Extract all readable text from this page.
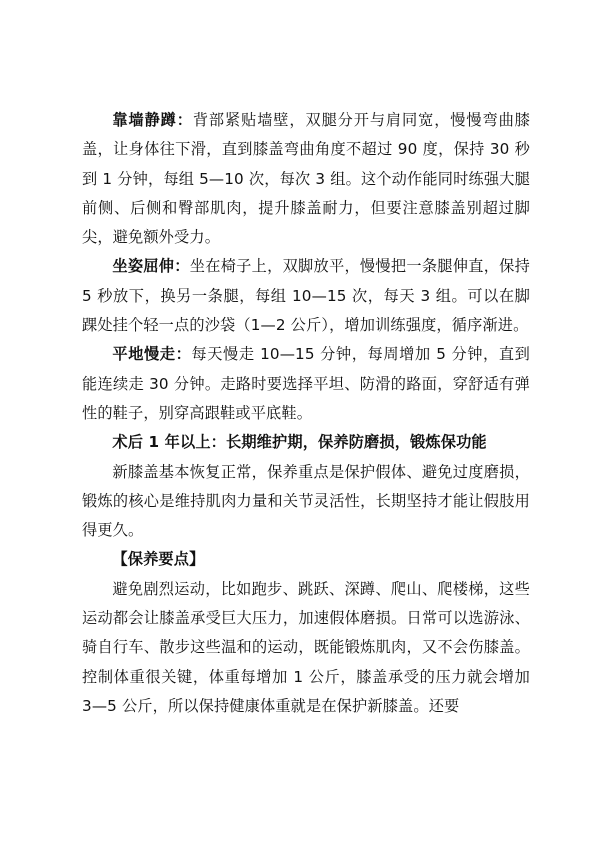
靠墙静蹲：背部紧贴墙壁，双腿分开与肩同宽，慢慢弯曲膝盖，让身体往下滑，直到膝盖弯曲角度不超过 90 度，保持 30 秒到 1 分钟，每组 5—10 次，每次 3 组。这个动作能同时练强大腿前侧、后侧和臀部肌肉，提升膝盖耐力，但要注意膝盖别超过脚尖，避免额外受力。

坐姿屈伸：坐在椅子上，双脚放平，慢慢把一条腿伸直，保持 5 秒放下，换另一条腿，每组 10—15 次，每天 3 组。可以在脚踝处挂个轻一点的沙袋（1—2 公斤），增加训练强度，循序渐进。

平地慢走：每天慢走 10—15 分钟，每周增加 5 分钟，直到能连续走 30 分钟。走路时要选择平坦、防滑的路面，穿舒适有弹性的鞋子，别穿高跟鞋或平底鞋。

术后 1 年以上：长期维护期，保养防磨损，锻炼保功能

新膝盖基本恢复正常，保养重点是保护假体、避免过度磨损，锻炼的核心是维持肌肉力量和关节灵活性，长期坚持才能让假肢用得更久。

【保养要点】

避免剧烈运动，比如跑步、跳跃、深蹲、爬山、爬楼梯，这些运动都会让膝盖承受巨大压力，加速假体磨损。日常可以选游泳、骑自行车、散步这些温和的运动，既能锻炼肌肉，又不会伤膝盖。控制体重很关键，体重每增加 1 公斤，膝盖承受的压力就会增加 3—5 公斤，所以保持健康体重就是在保护新膝盖。还要
